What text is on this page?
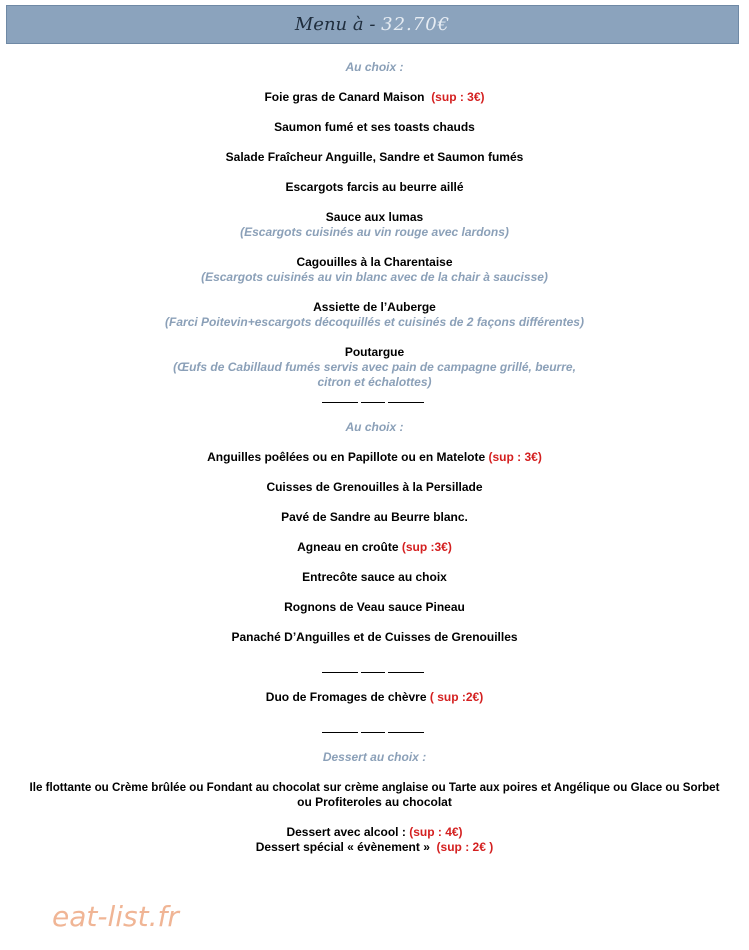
Menu à - 32.70€
Au choix :
Foie gras de Canard Maison (sup : 3€)
Saumon fumé et ses toasts chauds
Salade Fraîcheur Anguille, Sandre et Saumon fumés
Escargots farcis au beurre aillé
Sauce aux lumas
(Escargots cuisinés au vin rouge avec lardons)
Cagouilles à la Charentaise
(Escargots cuisinés au vin blanc avec de la chair à saucisse)
Assiette de l’Auberge
(Farci Poitevin+escargots décoquillés et cuisinés de 2 façons différentes)
Poutargue
(Œufs de Cabillaud fumés servis avec pain de campagne grillé, beurre,
citron et échalottes)
Au choix :
Anguilles poêlées ou en Papillote ou en Matelote (sup : 3€)
Cuisses de Grenouilles à la Persillade
Pavé de Sandre au Beurre blanc.
Agneau en croûte (sup :3€)
Entrecôte sauce au choix
Rognons de Veau sauce Pineau
Panaché D’Anguilles et de Cuisses de Grenouilles
Duo de Fromages de chèvre ( sup :2€)
Dessert au choix :
Ile flottante ou Crème brûlée ou Fondant au chocolat sur crème anglaise ou Tarte aux poires et Angélique ou Glace ou Sorbet
ou Profiteroles au chocolat
Dessert avec alcool : (sup : 4€)
Dessert spécial « évènement » (sup : 2€ )
eat-list.fr
